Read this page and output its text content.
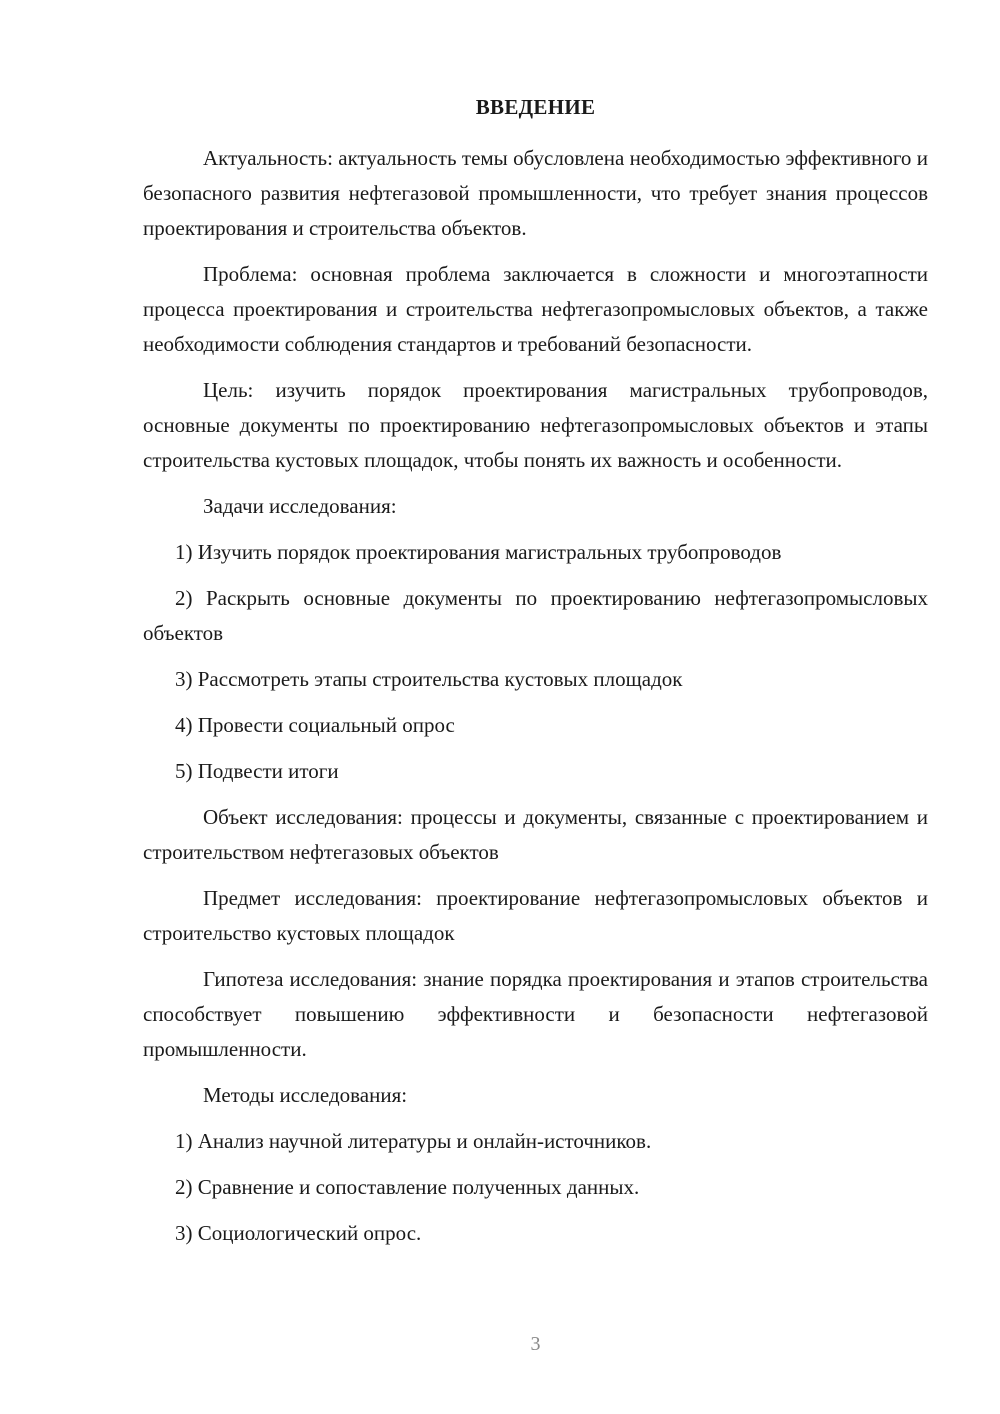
ВВЕДЕНИЕ

Актуальность: актуальность темы обусловлена необходимостью эффективного и безопасного развития нефтегазовой промышленности, что требует знания процессов проектирования и строительства объектов.

Проблема: основная проблема заключается в сложности и многоэтапности процесса проектирования и строительства нефтегазопромысловых объектов, а также необходимости соблюдения стандартов и требований безопасности.

Цель: изучить порядок проектирования магистральных трубопроводов, основные документы по проектированию нефтегазопромысловых объектов и этапы строительства кустовых площадок, чтобы понять их важность и особенности.

Задачи исследования:

1) Изучить порядок проектирования магистральных трубопроводов

2) Раскрыть основные документы по проектированию нефтегазопромысловых объектов

3) Рассмотреть этапы строительства кустовых площадок

4) Провести социальный опрос

5) Подвести итоги

Объект исследования: процессы и документы, связанные с проектированием и строительством нефтегазовых объектов

Предмет исследования: проектирование нефтегазопромысловых объектов и строительство кустовых площадок

Гипотеза исследования: знание порядка проектирования и этапов строительства способствует повышению эффективности и безопасности нефтегазовой промышленности.

Методы исследования:

1) Анализ научной литературы и онлайн-источников.

2) Сравнение и сопоставление полученных данных.

3) Социологический опрос.

3
